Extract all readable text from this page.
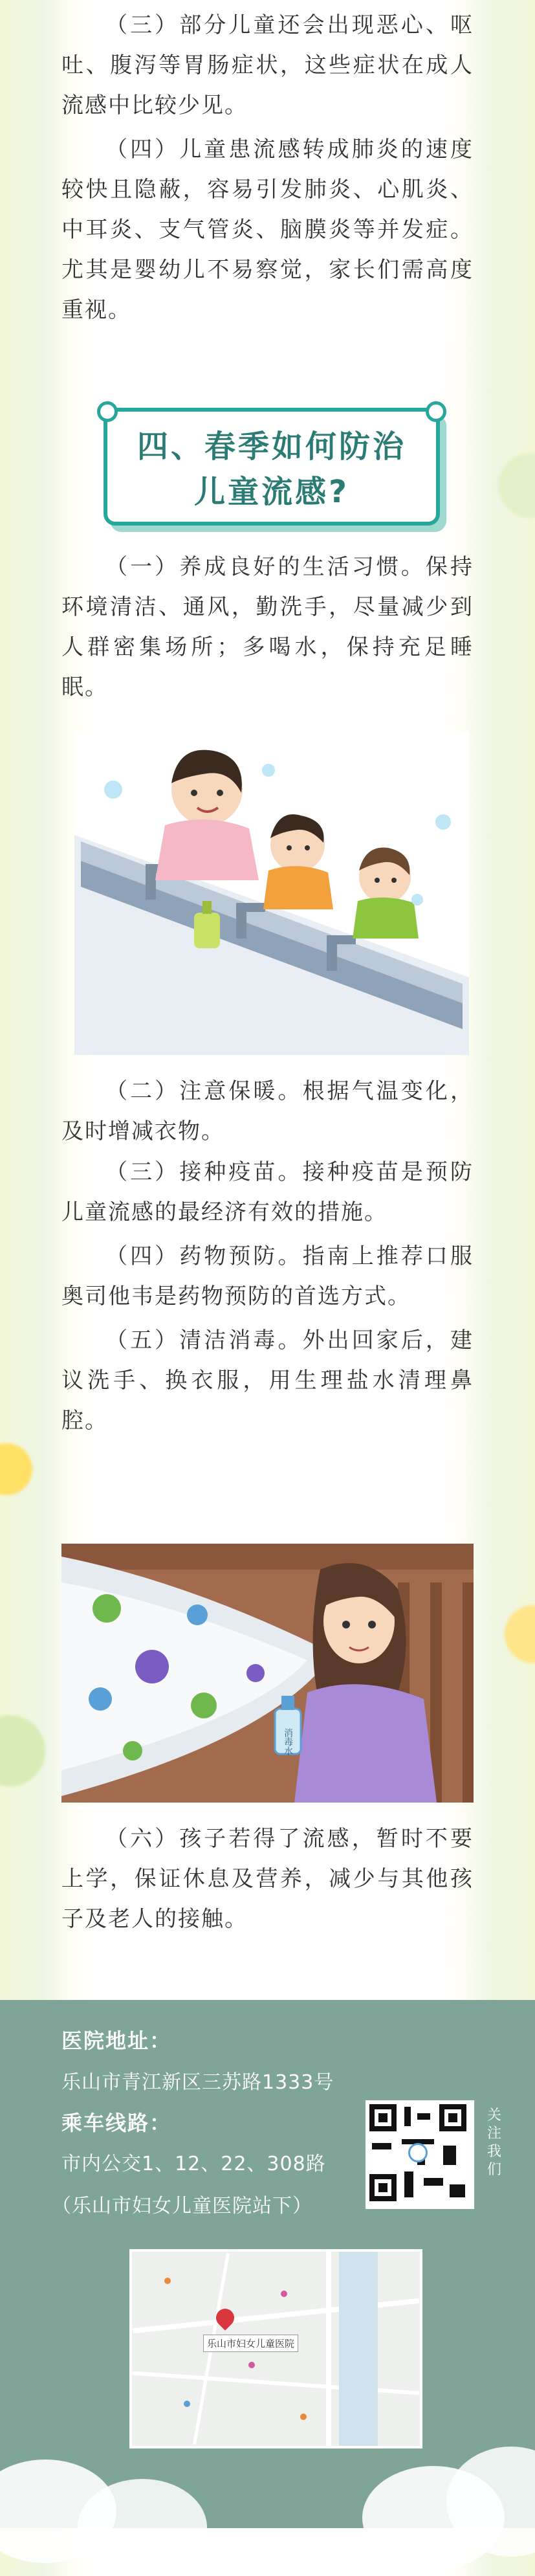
（三）部分儿童还会出现恶心、呕吐、腹泻等胃肠症状，这些症状在成人流感中比较少见。

（四）儿童患流感转成肺炎的速度较快且隐蔽，容易引发肺炎、心肌炎、中耳炎、支气管炎、脑膜炎等并发症。尤其是婴幼儿不易察觉，家长们需高度重视。

四、春季如何防治
儿童流感?

（一）养成良好的生活习惯。保持环境清洁、通风，勤洗手，尽量减少到人群密集场所；多喝水，保持充足睡眠。

（二）注意保暖。根据气温变化，及时增减衣物。

（三）接种疫苗。接种疫苗是预防儿童流感的最经济有效的措施。

（四）药物预防。指南上推荐口服奥司他韦是药物预防的首选方式。

（五）清洁消毒。外出回家后，建议洗手、换衣服，用生理盐水清理鼻腔。

消毒水

（六）孩子若得了流感，暂时不要上学，保证休息及营养，减少与其他孩子及老人的接触。

医院地址：
乐山市青江新区三苏路1333号
乘车线路：
市内公交1、12、22、308路
（乐山市妇女儿童医院站下）
关注我们
乐山市妇女儿童医院
